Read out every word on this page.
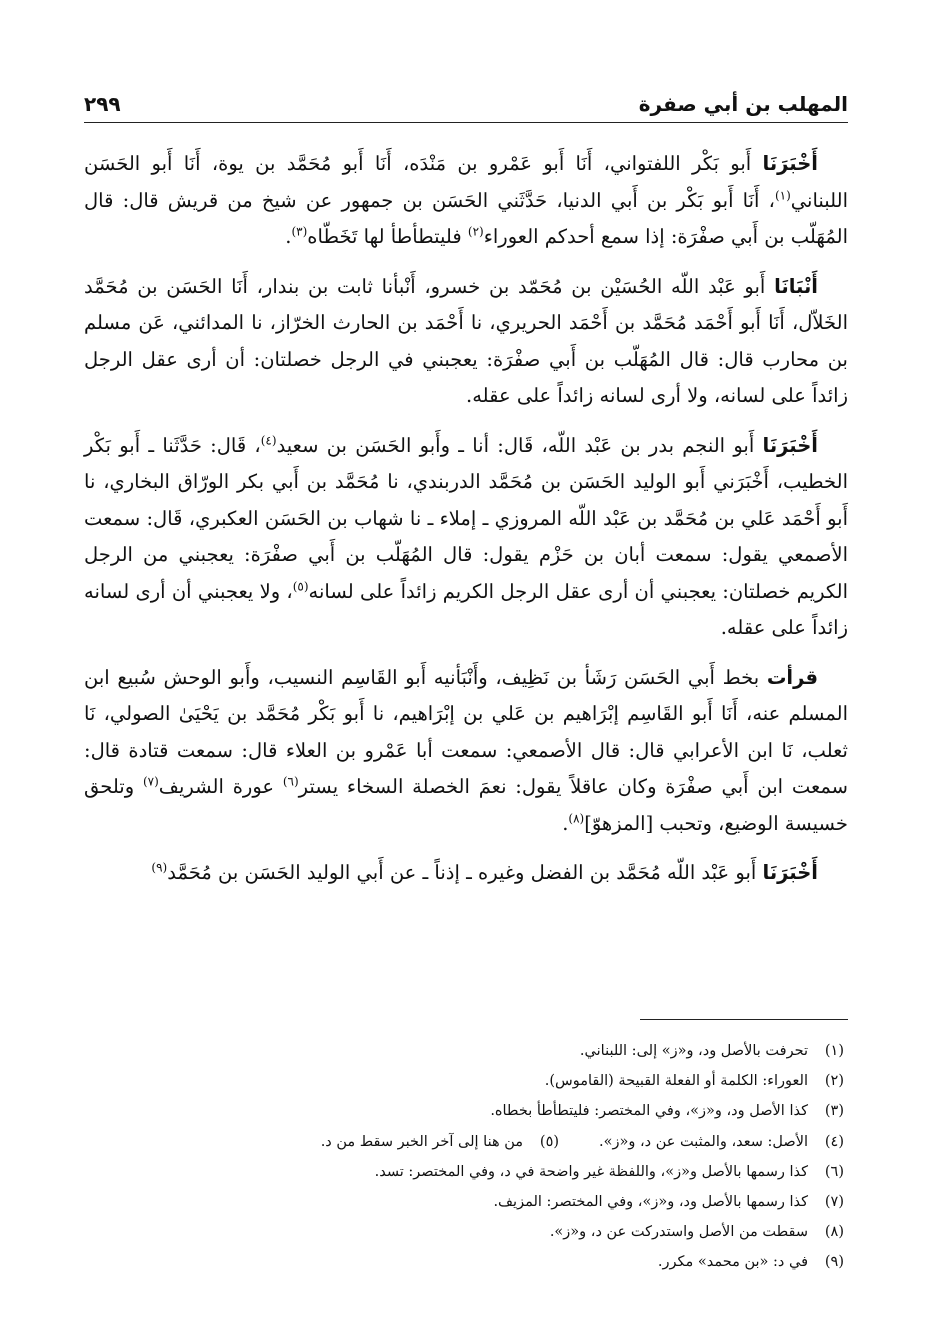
المهلب بن أبي صفرة
٢٩٩

أَخْبَرَنَا أَبو بَكْر اللفتواني، أَنَا أَبو عَمْرو بن مَنْدَه، أَنَا أَبو مُحَمَّد بن يوة، أَنَا أَبو الحَسَن اللبناني$^{(١)}$، أَنَا أَبو بَكْر بن أَبي الدنيا، حَدَّثَني الحَسَن بن جمهور عن شيخ من قريش قال: قال المُهَلّب بن أَبي صفْرَة: إذا سمع أحدكم العوراء$^{(٢)}$ فليتطأطأ لها تَخَطّاه$^{(٣)}$.

أَنْبَانَا أَبو عَبْد اللّه الحُسَيْن بن مُحَمّد بن خسرو، أَنْبأنا ثابت بن بندار، أَنَا الحَسَن بن مُحَمَّد الخَلاّل، أَنَا أَبو أَحْمَد مُحَمَّد بن أَحْمَد الحريري، نا أَحْمَد بن الحارث الخرّاز، نا المدائني، عَن مسلم بن محارب قال: قال المُهَلّب بن أَبي صفْرَة: يعجبني في الرجل خصلتان: أن أرى عقل الرجل زائداً على لسانه، ولا أرى لسانه زائداً على عقله.

أَخْبَرَنَا أَبو النجم بدر بن عَبْد اللّه، قَال: أنا ـ وأَبو الحَسَن بن سعيد$^{(٤)}$، قَال: حَدَّثَنا ـ أَبو بَكْر الخطيب، أَخْبَرَني أَبو الوليد الحَسَن بن مُحَمَّد الدربندي، نا مُحَمَّد بن أَبي بكر الورّاق البخاري، نا أَبو أَحْمَد عَلي بن مُحَمَّد بن عَبْد اللّه المروزي ـ إملاء ـ نا شهاب بن الحَسَن العكبري، قَال: سمعت الأصمعي يقول: سمعت أبان بن حَزْم يقول: قال المُهَلّب بن أَبي صفْرَة: يعجبني من الرجل الكريم خصلتان: يعجبني أن أرى عقل الرجل الكريم زائداً على لسانه$^{(٥)}$، ولا يعجبني أن أرى لسانه زائداً على عقله.

قرأت بخط أَبي الحَسَن رَشَأ بن نَظِيف، وأَنْبَأنيه أَبو القَاسِم النسيب، وأَبو الوحش سُبيع ابن المسلم عنه، أَنَا أَبو القَاسِم إبْرَاهيم بن عَلي بن إبْرَاهيم، نا أَبو بَكْر مُحَمَّد بن يَحْيَىٰ الصولي، نَا ثعلب، نَا ابن الأعرابي قال: قال الأصمعي: سمعت أبا عَمْرو بن العلاء قال: سمعت قتادة قال: سمعت ابن أَبي صفْرَة وكان عاقلاً يقول: نعمَ الخصلة السخاء يستر$^{(٦)}$ عورة الشريف$^{(٧)}$ وتلحق خسيسة الوضيع، وتحبب [المزهوّ]$^{(٨)}$.

أَخْبَرَنَا أَبو عَبْد اللّه مُحَمَّد بن الفضل وغيره ـ إذناً ـ عن أَبي الوليد الحَسَن بن مُحَمَّد$^{(٩)}$

(١)
تحرفت بالأصل ود، و«ز» إلى: اللبناني.
(٢)
العوراء: الكلمة أو الفعلة القبيحة (القاموس).
(٣)
كذا الأصل ود، و«ز»، وفي المختصر: فليتطأطأ بخطاه.
(٤)
الأصل: سعد، والمثبت عن د، و«ز».
(٥)
من هنا إلى آخر الخبر سقط من د.
(٦)
كذا رسمها بالأصل و«ز»، واللفظة غير واضحة في د، وفي المختصر: تسد.
(٧)
كذا رسمها بالأصل ود، و«ز»، وفي المختصر: المزيف.
(٨)
سقطت من الأصل واستدركت عن د، و«ز».
(٩)
في د: «بن محمد» مكرر.
